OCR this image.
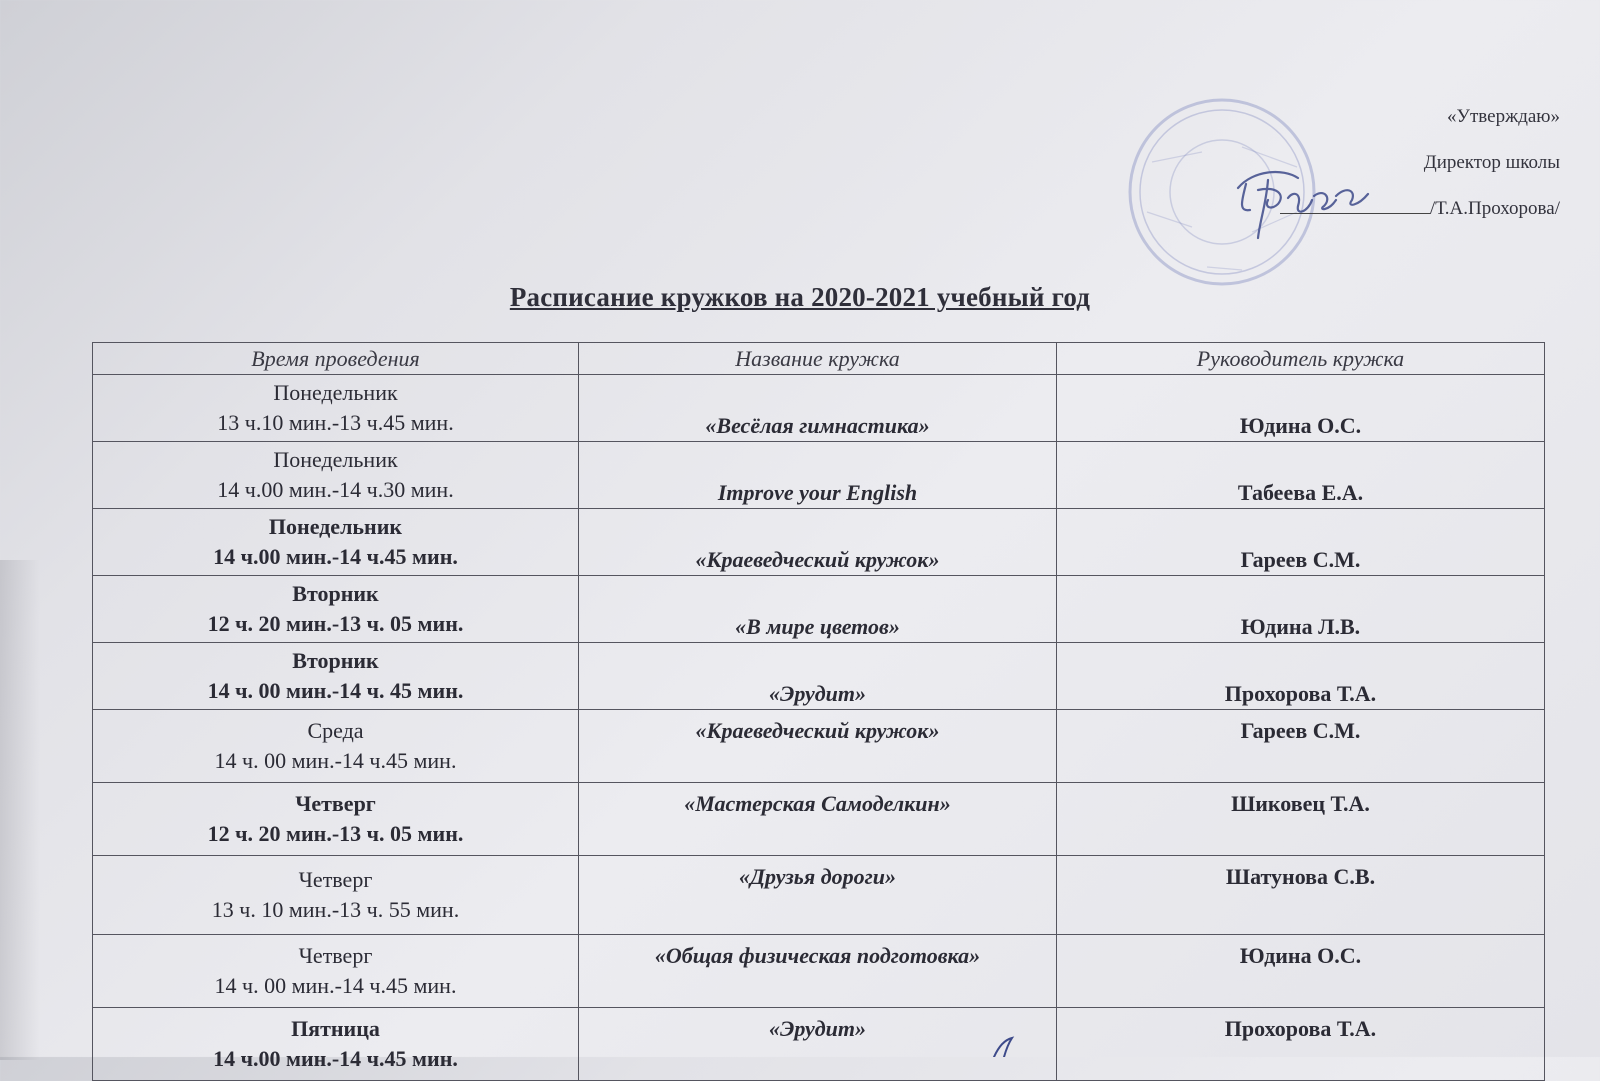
«Утверждаю»
Директор школы
/Т.А.Прохорова/
Расписание кружков на 2020-2021 учебный год
Время проведения	Название кружка	Руководитель кружка

Понедельник
13 ч.10 мин.-13 ч.45 мин.	«Весёлая гимнастика»	Юдина О.С.

Понедельник
14 ч.00 мин.-14 ч.30 мин.	Improve your English	Табеева Е.А.

Понедельник
14 ч.00 мин.-14 ч.45 мин.	«Краеведческий кружок»	Гареев С.М.

Вторник
12 ч. 20 мин.-13 ч. 05 мин.	«В мире цветов»	Юдина Л.В.

Вторник
14 ч. 00 мин.-14 ч. 45 мин.	«Эрудит»	Прохорова Т.А.

Среда
14 ч. 00 мин.-14 ч.45 мин.	«Краеведческий кружок»	Гареев С.М.

Четверг
12 ч. 20 мин.-13 ч. 05 мин.	«Мастерская Самоделкин»	Шиковец Т.А.

Четверг
13 ч. 10 мин.-13 ч. 55 мин.	«Друзья дороги»	Шатунова С.В.

Четверг
14 ч. 00 мин.-14 ч.45 мин.	«Общая физическая подготовка»	Юдина О.С.

Пятница
14 ч.00 мин.-14 ч.45 мин.	«Эрудит»	Прохорова Т.А.
